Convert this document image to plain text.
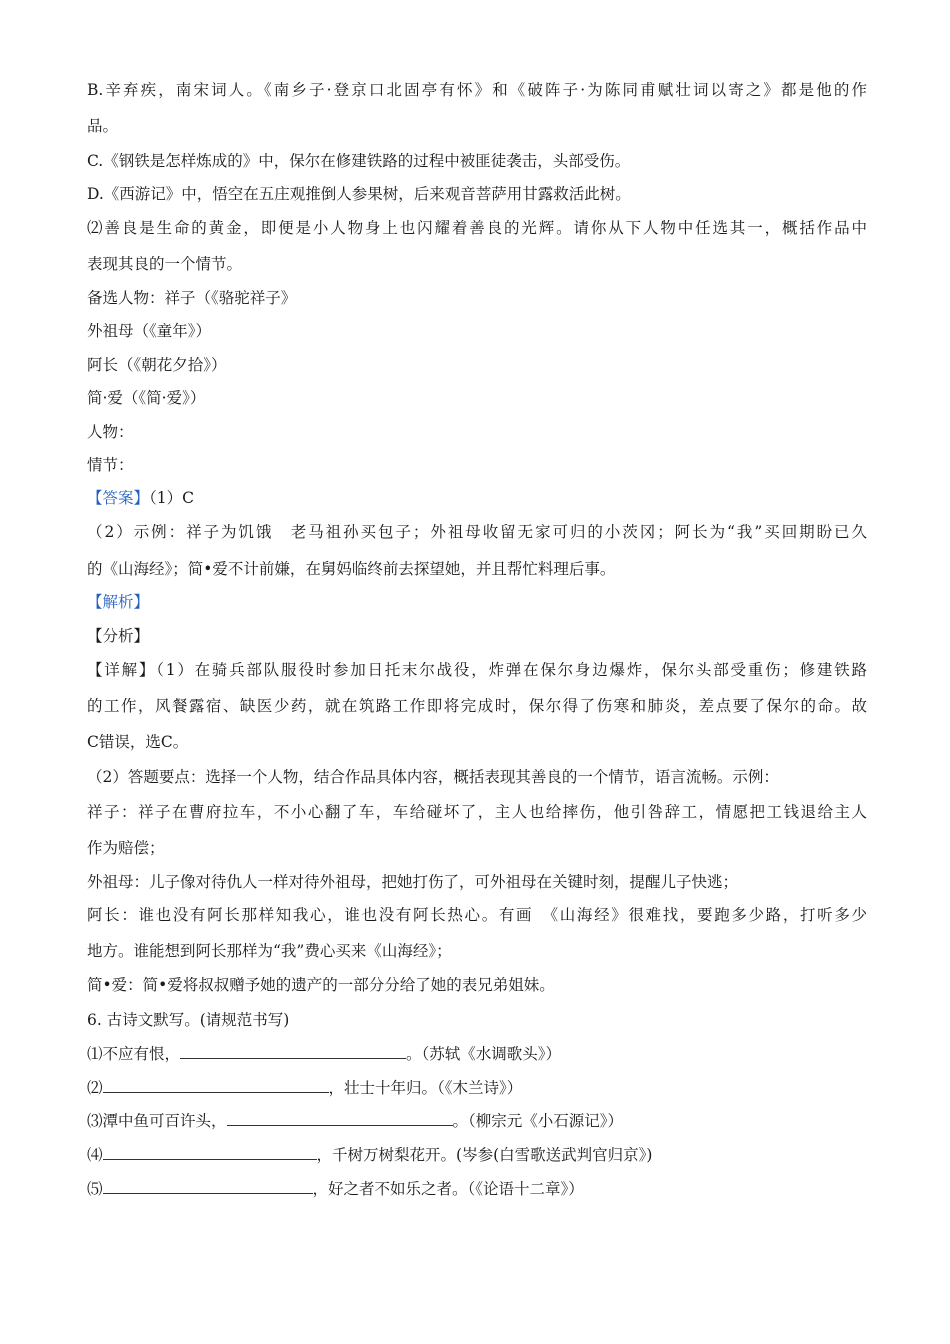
B.辛弃疾，南宋词人。《南乡子·登京口北固亭有怀》和《破阵子·为陈同甫赋壮词以寄之》都是他的作
品。
C.《钢铁是怎样炼成的》中，保尔在修建铁路的过程中被匪徒袭击，头部受伤。
D.《西游记》中，悟空在五庄观推倒人参果树，后来观音菩萨用甘露救活此树。
⑵善良是生命的黄金，即便是小人物身上也闪耀着善良的光辉。请你从下人物中任选其一，概括作品中
表现其良的一个情节。
备选人物：祥子（《骆驼祥子》
外祖母（《童年》）
阿长（《朝花夕拾》）
简·爱（《简·爱》）
人物：
情节：
【答案】（1）C
（2）示例：祥子为饥饿　老马祖孙买包子；外祖母收留无家可归的小茨冈；阿长为“我”买回期盼已久
的《山海经》；简•爱不计前嫌，在舅妈临终前去探望她，并且帮忙料理后事。
【解析】
【分析】
【详解】（1）在骑兵部队服役时参加日托末尔战役，炸弹在保尔身边爆炸，保尔头部受重伤；修建铁路
的工作，风餐露宿、缺医少药，就在筑路工作即将完成时，保尔得了伤寒和肺炎，差点要了保尔的命。故
C错误，选C。
（2）答题要点：选择一个人物，结合作品具体内容，概括表现其善良的一个情节，语言流畅。示例：
祥子：祥子在曹府拉车，不小心翻了车，车给碰坏了，主人也给摔伤，他引咎辞工，情愿把工钱退给主人
作为赔偿；
外祖母：儿子像对待仇人一样对待外祖母，把她打伤了，可外祖母在关键时刻，提醒儿子快逃；
阿长：谁也没有阿长那样知我心，谁也没有阿长热心。有画　《山海经》很难找，要跑多少路，打听多少
地方。谁能想到阿长那样为“我”费心买来《山海经》；
简•爱：简•爱将叔叔赠予她的遗产的一部分分给了她的表兄弟姐妹。
6. 古诗文默写。(请规范书写)
⑴不应有恨，	。（苏轼《水调歌头》）
⑵	，壮士十年归。（《木兰诗》）
⑶潭中鱼可百许头，	。（柳宗元《小石源记》）
⑷	，千树万树梨花开。(岑参(白雪歌送武判官归京》)
⑸	，好之者不如乐之者。（《论语十二章》）
